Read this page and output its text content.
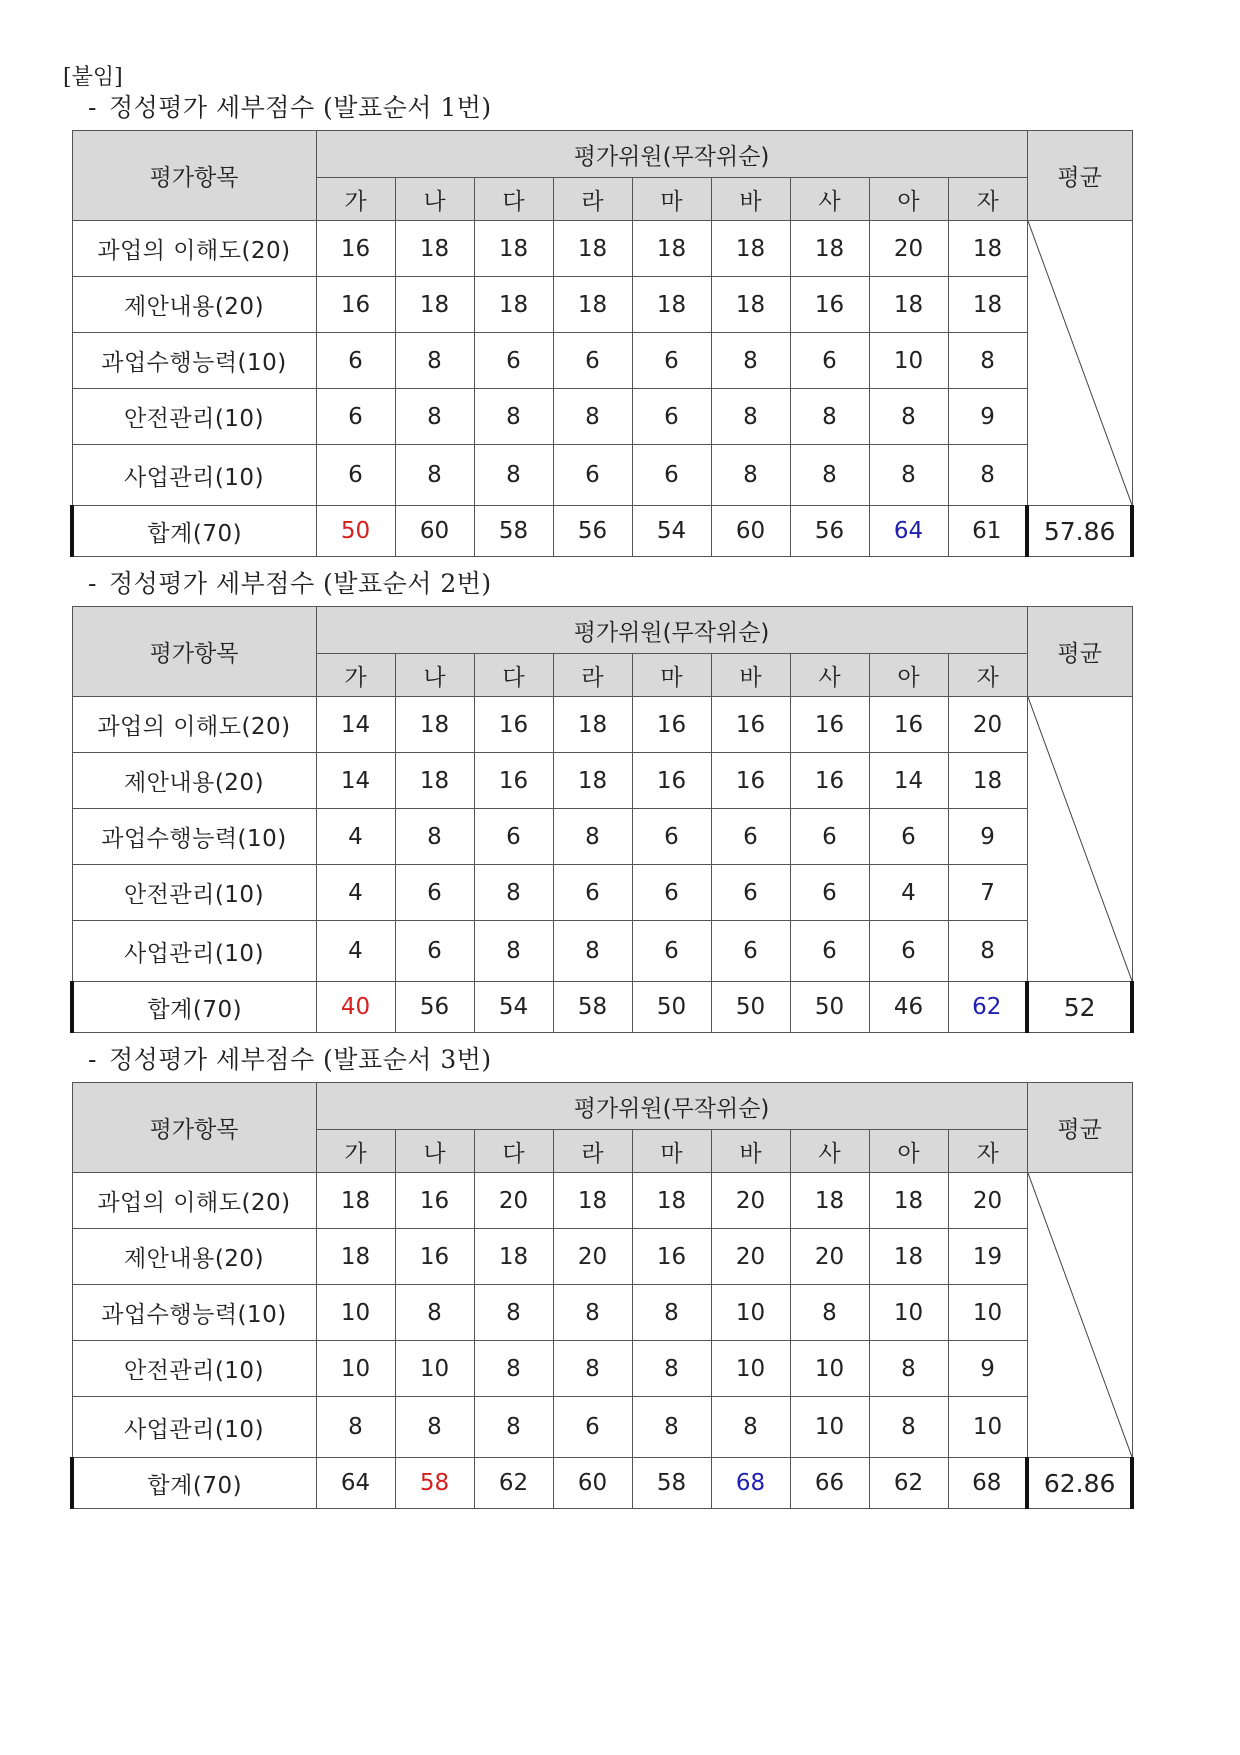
[붙임]
- 정성평가 세부점수 (발표순서 1번)
평가항목	평가위원(무작위순)									평균
	가	나	다	라	마	바	사	아	자	
과업의 이해도(20)	16	18	18	18	18	18	18	20	18	

제안내용(20)	16	18	18	18	18	18	16	18	18	
과업수행능력(10)	6	8	6	6	6	8	6	10	8	
안전관리(10)	6	8	8	8	6	8	8	8	9	
사업관리(10)	6	8	8	6	6	8	8	8	8	
합계(70)	50	60	58	56	54	60	56	64	61	57.86
- 정성평가 세부점수 (발표순서 2번)
평가항목	평가위원(무작위순)									평균
	가	나	다	라	마	바	사	아	자	
과업의 이해도(20)	14	18	16	18	16	16	16	16	20	

제안내용(20)	14	18	16	18	16	16	16	14	18	
과업수행능력(10)	4	8	6	8	6	6	6	6	9	
안전관리(10)	4	6	8	6	6	6	6	4	7	
사업관리(10)	4	6	8	8	6	6	6	6	8	
합계(70)	40	56	54	58	50	50	50	46	62	52
- 정성평가 세부점수 (발표순서 3번)
평가항목	평가위원(무작위순)									평균
	가	나	다	라	마	바	사	아	자	
과업의 이해도(20)	18	16	20	18	18	20	18	18	20	

제안내용(20)	18	16	18	20	16	20	20	18	19	
과업수행능력(10)	10	8	8	8	8	10	8	10	10	
안전관리(10)	10	10	8	8	8	10	10	8	9	
사업관리(10)	8	8	8	6	8	8	10	8	10	
합계(70)	64	58	62	60	58	68	66	62	68	62.86
